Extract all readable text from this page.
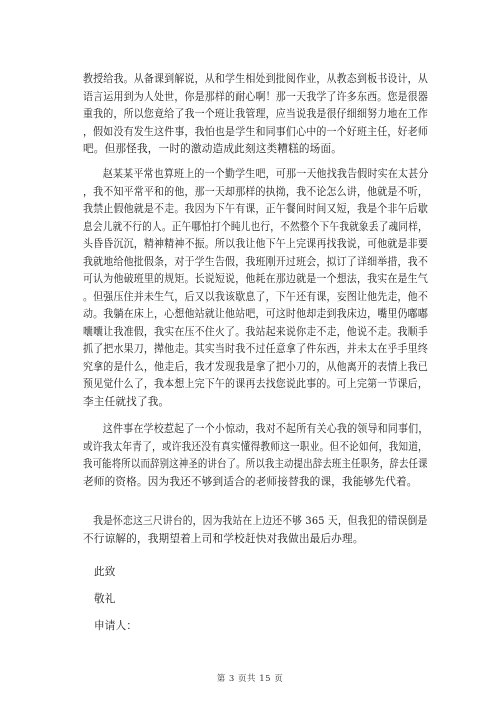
教授给我。从备课到解说，从和学生相处到批阅作业，从教态到板书设计，从
语言运用到为人处世，你是那样的耐心啊！那一天我学了许多东西。您是很器
重我的，所以您竟给了我一个班让我管理，应当说我是很仔细细努力地在工作
，假如没有发生这件事，我怕也是学生和同事们心中的一个好班主任，好老师
吧。但那怪我，一时的激动造成此刻这类糟糕的场面。
赵某某平常也算班上的一个勤学生吧，可那一天他找我告假时实在太甚分
，我不知平常平和的他，那一天却那样的执拗，我不论怎么讲，他就是不听，
我禁止假他就是不走。我因为下午有课，正午餐间时间又短，我是个非午后歇
息会儿就不行的人。正午哪怕打个盹儿也行，不然整个下午我就象丢了魂同样，
头昏昏沉沉，精神精神不振。所以我让他下午上完课再找我说，可他就是非要
我就地给他批假条，对于学生告假，我班刚开过班会，拟订了详细举措，我不
可认为他破班里的规矩。长说短说，他耗在那边就是一个想法，我实在是生气
。但强压住并未生气，后又以我该歇息了，下午还有课，妄图让他先走，他不
动。我躺在床上，心想他站就让他站吧，可这时他却走到我床边，嘴里仍嘟嘟
囔囔让我准假，我实在压不住火了。我站起来说你走不走，他说不走。我顺手
抓了把水果刀，撵他走。其实当时我不过任意拿了件东西，并未太在乎手里终
究拿的是什么，他走后，我才发现我是拿了把小刀的，从他离开的表情上我已
预见觉什么了，我本想上完下午的课再去找您说此事的。可上完第一节课后，
李主任就找了我。
这件事在学校惹起了一个小惊动，我对不起所有关心我的领导和同事们，
或许我太年青了，或许我还没有真实懂得教师这一职业。但不论如何，我知道，
我可能将所以而辞别这神圣的讲台了。所以我主动提出辞去班主任职务，辞去任课
老师的资格。因为我还不够到适合的老师接替我的课，我能够先代着。
我是怀恋这三尺讲台的，因为我站在上边还不够 365 天，但我犯的错误倒是
不行谅解的，我期望着上司和学校赶快对我做出最后办理。
此致
敬礼
申请人：
第 3 页共 15 页
